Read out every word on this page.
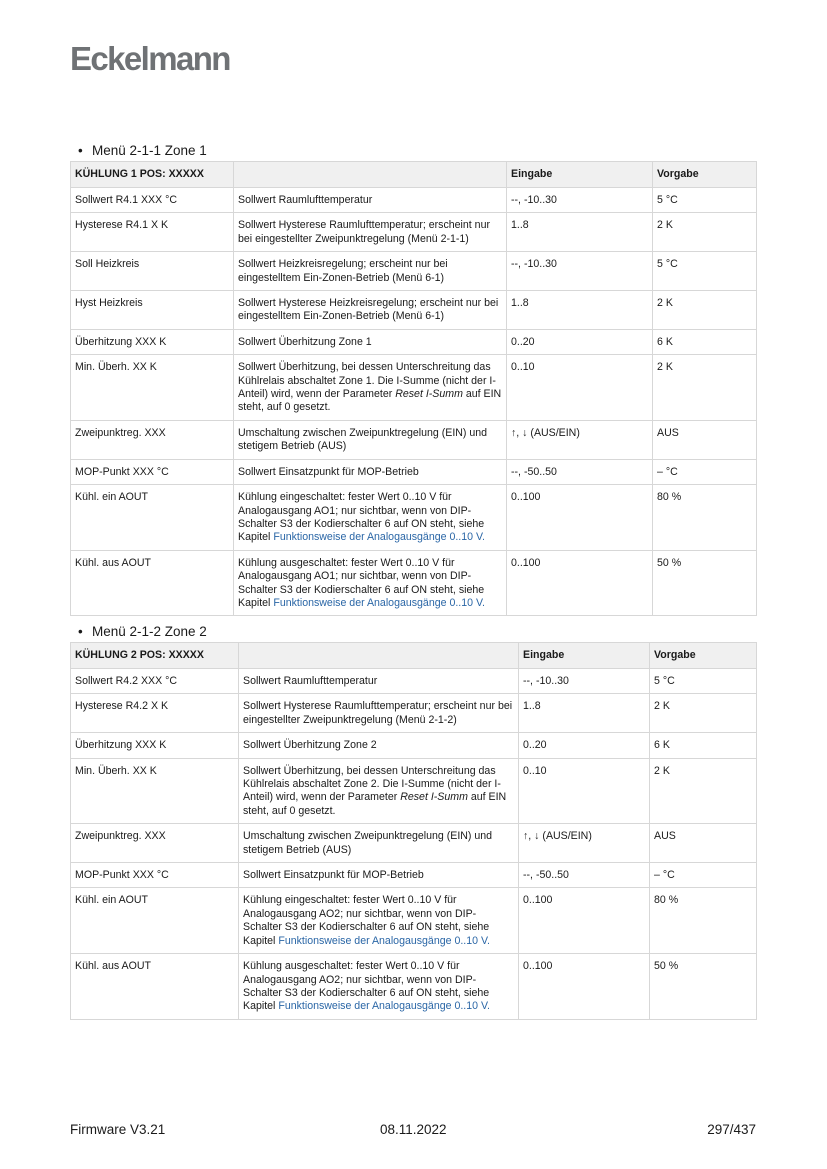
Eckelmann
• Menü 2-1-1 Zone 1
KÜHLUNG 1 POS: XXXXX		Eingabe	Vorgabe
Sollwert R4.1 XXX °C	Sollwert Raumlufttemperatur	--, -10..30	5 °C
Hysterese R4.1 X K	Sollwert Hysterese Raumlufttemperatur; erscheint nur bei eingestellter Zweipunktregelung (Menü 2-1-1)	1..8	2 K
Soll Heizkreis	Sollwert Heizkreisregelung; erscheint nur bei eingestelltem Ein-Zonen-Betrieb (Menü 6-1)	--, -10..30	5 °C
Hyst Heizkreis	Sollwert Hysterese Heizkreisregelung; erscheint nur bei eingestelltem Ein-Zonen-Betrieb (Menü 6-1)	1..8	2 K
Überhitzung XXX K	Sollwert Überhitzung Zone 1	0..20	6 K
Min. Überh. XX K	Sollwert Überhitzung, bei dessen Unterschreitung das Kühlrelais abschaltet Zone 1. Die I-Summe (nicht der I-Anteil) wird, wenn der Parameter Reset I-Summ auf EIN steht, auf 0 gesetzt.	0..10	2 K
Zweipunktreg. XXX	Umschaltung zwischen Zweipunktregelung (EIN) und stetigem Betrieb (AUS)	↑, ↓ (AUS/EIN)	AUS
MOP-Punkt XXX °C	Sollwert Einsatzpunkt für MOP-Betrieb	--, -50..50	– °C
Kühl. ein AOUT	Kühlung eingeschaltet: fester Wert 0..10 V für Analogausgang AO1; nur sichtbar, wenn von DIP-Schalter S3 der Kodierschalter 6 auf ON steht, siehe Kapitel Funktionsweise der Analogausgänge 0..10 V.	0..100	80 %
Kühl. aus AOUT	Kühlung ausgeschaltet: fester Wert 0..10 V für Analogausgang AO1; nur sichtbar, wenn von DIP-Schalter S3 der Kodierschalter 6 auf ON steht, siehe Kapitel Funktionsweise der Analogausgänge 0..10 V.	0..100	50 %
• Menü 2-1-2 Zone 2
KÜHLUNG 2 POS: XXXXX		Eingabe	Vorgabe
Sollwert R4.2 XXX °C	Sollwert Raumlufttemperatur	--, -10..30	5 °C
Hysterese R4.2 X K	Sollwert Hysterese Raumlufttemperatur; erscheint nur bei eingestellter Zweipunktregelung (Menü 2-1-2)	1..8	2 K
Überhitzung XXX K	Sollwert Überhitzung Zone 2	0..20	6 K
Min. Überh. XX K	Sollwert Überhitzung, bei dessen Unterschreitung das Kühlrelais abschaltet Zone 2. Die I-Summe (nicht der I-Anteil) wird, wenn der Parameter Reset I-Summ auf EIN steht, auf 0 gesetzt.	0..10	2 K
Zweipunktreg. XXX	Umschaltung zwischen Zweipunktregelung (EIN) und stetigem Betrieb (AUS)	↑, ↓ (AUS/EIN)	AUS
MOP-Punkt XXX °C	Sollwert Einsatzpunkt für MOP-Betrieb	--, -50..50	– °C
Kühl. ein AOUT	Kühlung eingeschaltet: fester Wert 0..10 V für Analogausgang AO2; nur sichtbar, wenn von DIP-Schalter S3 der Kodierschalter 6 auf ON steht, siehe Kapitel Funktionsweise der Analogausgänge 0..10 V.	0..100	80 %
Kühl. aus AOUT	Kühlung ausgeschaltet: fester Wert 0..10 V für Analogausgang AO2; nur sichtbar, wenn von DIP-Schalter S3 der Kodierschalter 6 auf ON steht, siehe Kapitel Funktionsweise der Analogausgänge 0..10 V.	0..100	50 %
Firmware V3.21	08.11.2022	297/437
